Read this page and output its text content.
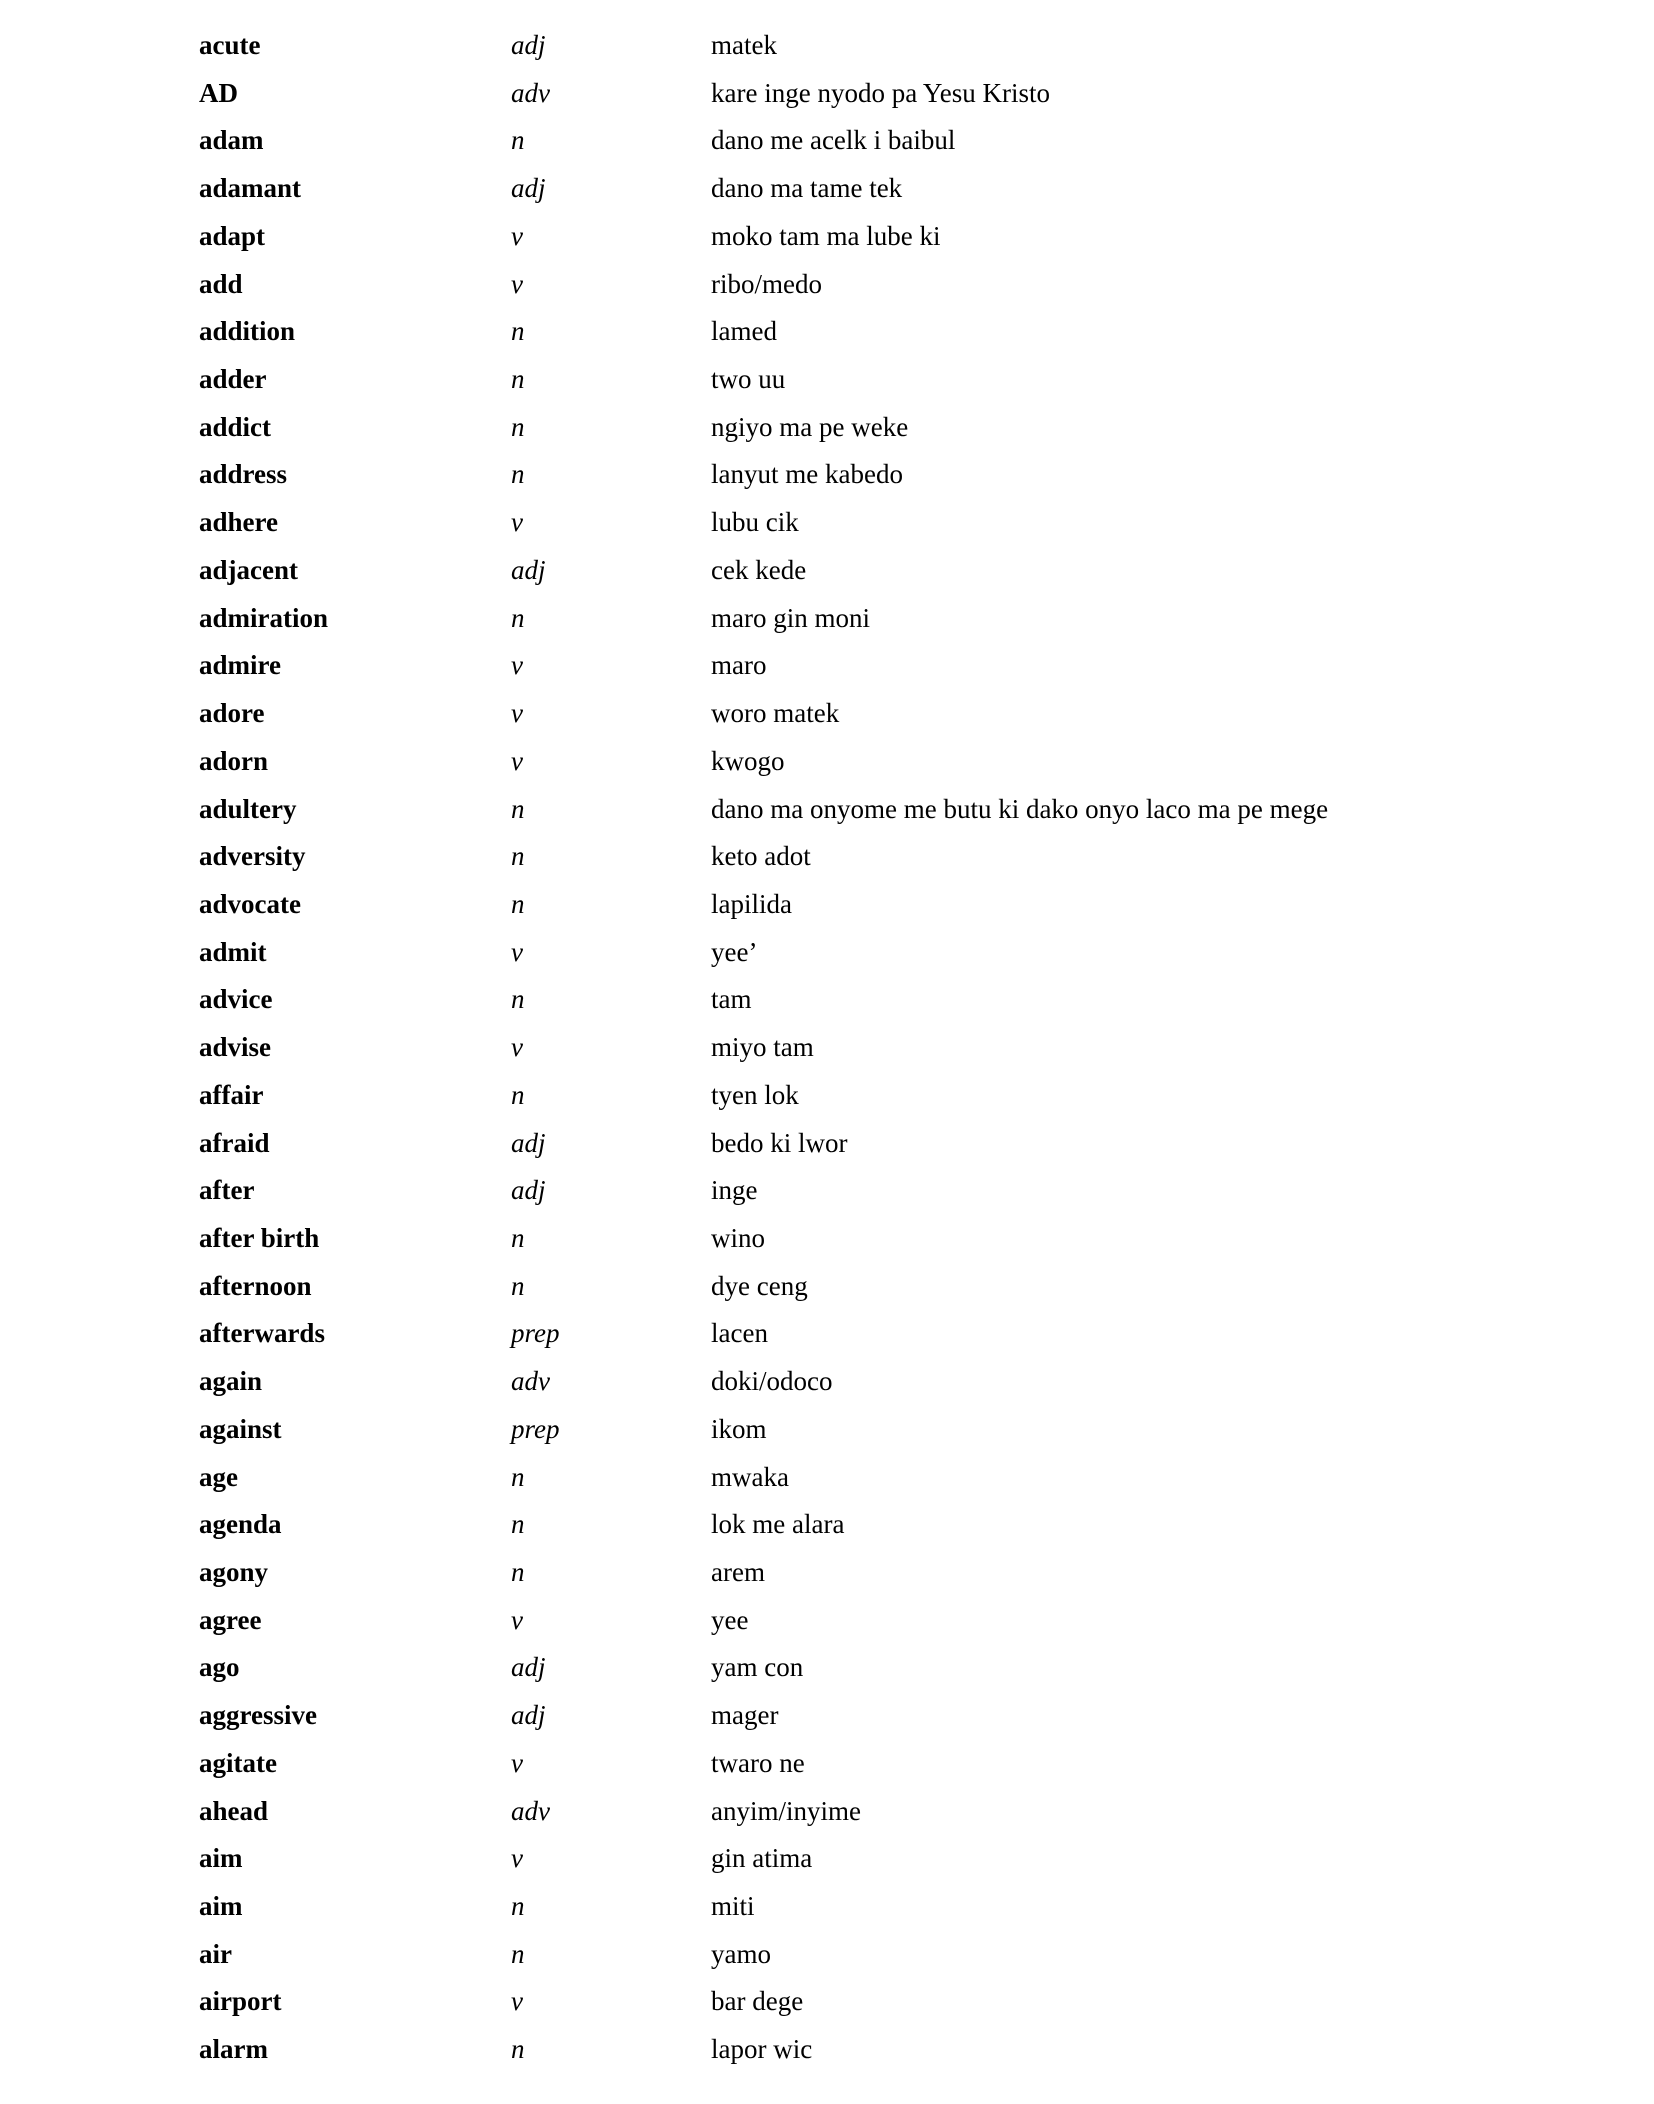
acute	adj	matek
AD	adv	kare inge nyodo pa Yesu Kristo
adam	n	dano me acelk i baibul
adamant	adj	dano ma tame tek
adapt	v	moko tam ma lube ki
add	v	ribo/medo
addition	n	lamed
adder	n	two uu
addict	n	ngiyo ma pe weke
address	n	lanyut me kabedo
adhere	v	lubu cik
adjacent	adj	cek kede
admiration	n	maro gin moni
admire	v	maro
adore	v	woro matek
adorn	v	kwogo
adultery	n	dano ma onyome me butu ki dako onyo laco ma pe mege
adversity	n	keto adot
advocate	n	lapilida
admit	v	yee’
advice	n	tam
advise	v	miyo tam
affair	n	tyen lok
afraid	adj	bedo ki lwor
after	adj	inge
after birth	n	wino
afternoon	n	dye ceng
afterwards	prep	lacen
again	adv	doki/odoco
against	prep	ikom
age	n	mwaka
agenda	n	lok me alara
agony	n	arem
agree	v	yee
ago	adj	yam con
aggressive	adj	mager
agitate	v	twaro ne
ahead	adv	anyim/inyime
aim	v	gin atima
aim	n	miti
air	n	yamo
airport	v	bar dege
alarm	n	lapor wic
